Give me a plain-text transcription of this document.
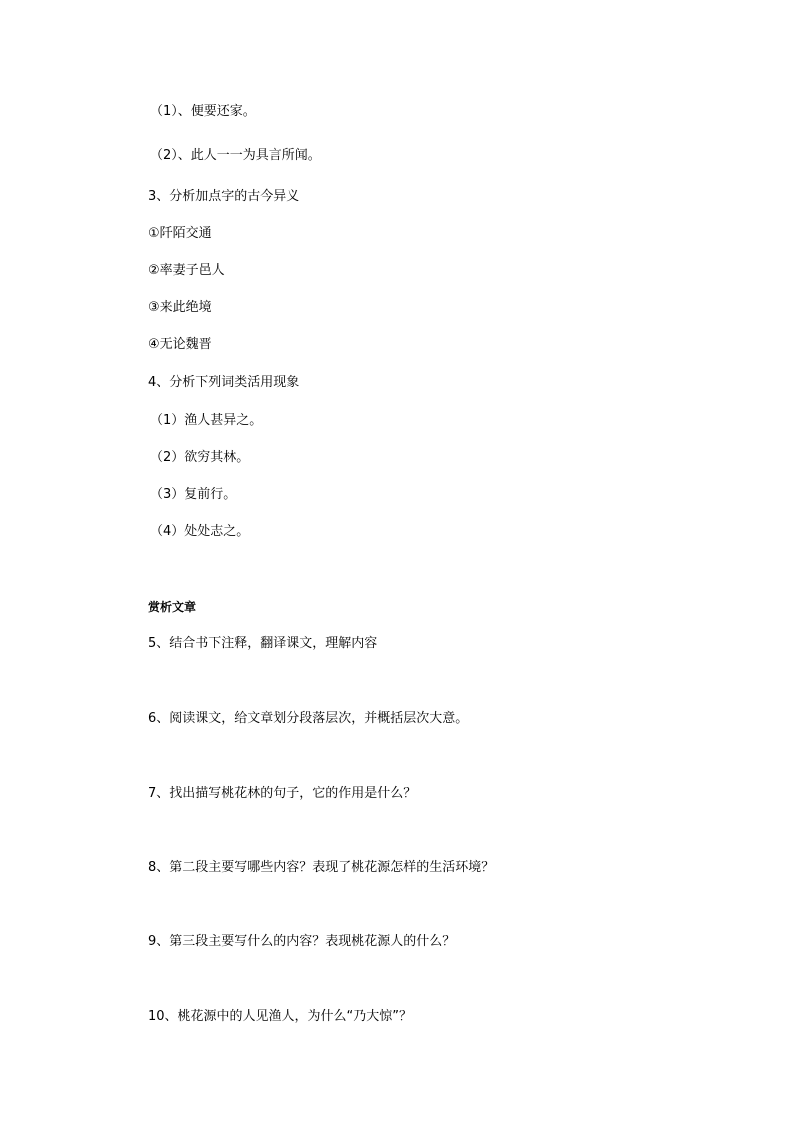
（1）、便要还家。
（2）、此人一一为具言所闻。
3、分析加点字的古今异义
①阡陌交通
②率妻子邑人
③来此绝境
④无论魏晋
4、分析下列词类活用现象
（1）渔人甚异之。
（2）欲穷其林。
（3）复前行。
（4）处处志之。
赏析文章
5、结合书下注释，翻译课文，理解内容
6、阅读课文，给文章划分段落层次，并概括层次大意。
7、找出描写桃花林的句子，它的作用是什么？
8、第二段主要写哪些内容？表现了桃花源怎样的生活环境？
9、第三段主要写什么的内容？表现桃花源人的什么？
10、桃花源中的人见渔人，为什么“乃大惊”？
